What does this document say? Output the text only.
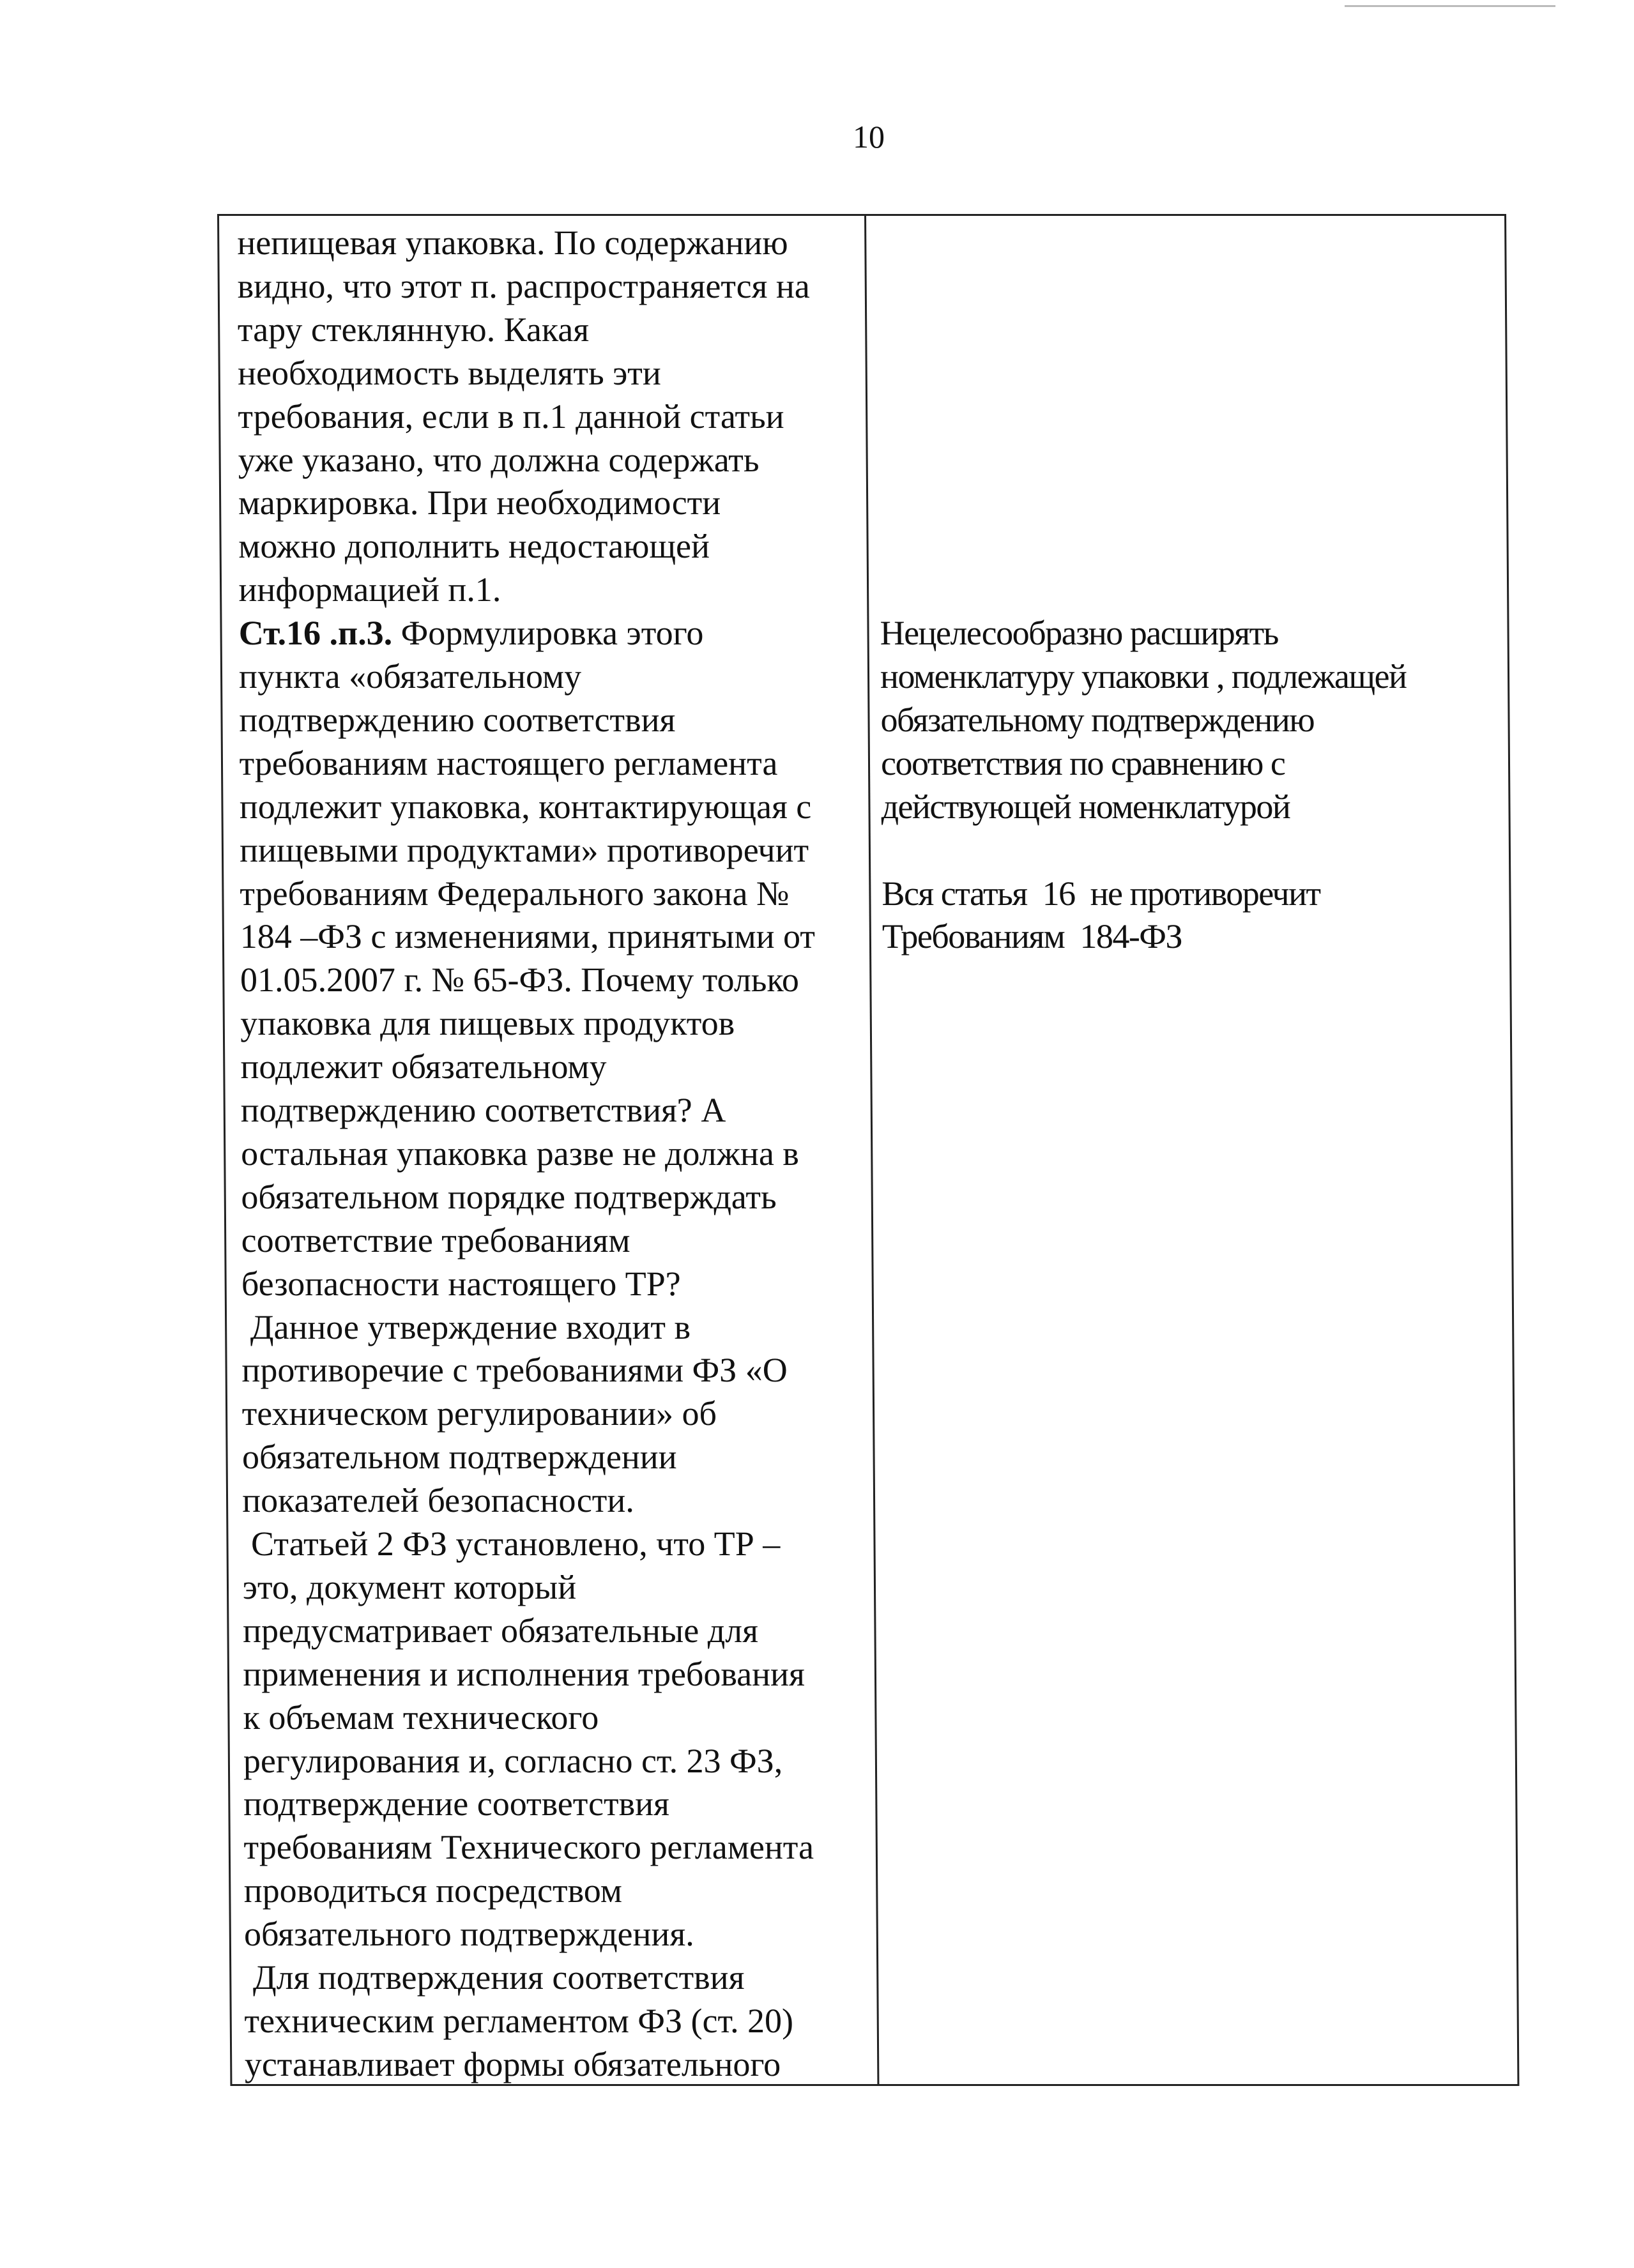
10
непищевая упаковка. По содержанию
видно, что этот п. распространяется на
тару стеклянную. Какая
необходимость выделять эти
требования, если в п.1 данной статьи
уже указано, что должна содержать
маркировка. При необходимости
можно дополнить недостающей
информацией п.1.
Ст.16 .п.3. Формулировка этого
пункта «обязательному
подтверждению соответствия
требованиям настоящего регламента
подлежит упаковка, контактирующая с
пищевыми продуктами» противоречит
требованиям Федерального закона №
184 –ФЗ с изменениями, принятыми от
01.05.2007 г. № 65-ФЗ. Почему только
упаковка для пищевых продуктов
подлежит обязательному
подтверждению соответствия? А
остальная упаковка разве не должна в
обязательном порядке подтверждать
соответствие требованиям
безопасности настоящего ТР?
Данное утверждение входит в
противоречие с требованиями ФЗ «О
техническом регулировании» об
обязательном подтверждении
показателей безопасности.
Статьей 2 ФЗ установлено, что ТР –
это, документ который
предусматривает обязательные для
применения и исполнения требования
к объемам технического
регулирования и, согласно ст. 23 ФЗ,
подтверждение соответствия
требованиям Технического регламента
проводиться посредством
обязательного подтверждения.
Для подтверждения соответствия
техническим регламентом ФЗ (ст. 20)
устанавливает формы обязательного
Нецелесообразно расширять
номенклатуру упаковки , подлежащей
обязательному подтверждению
соответствия по сравнению с
действующей номенклатурой
Вся статья  16  не противоречит
Требованиям  184-ФЗ
